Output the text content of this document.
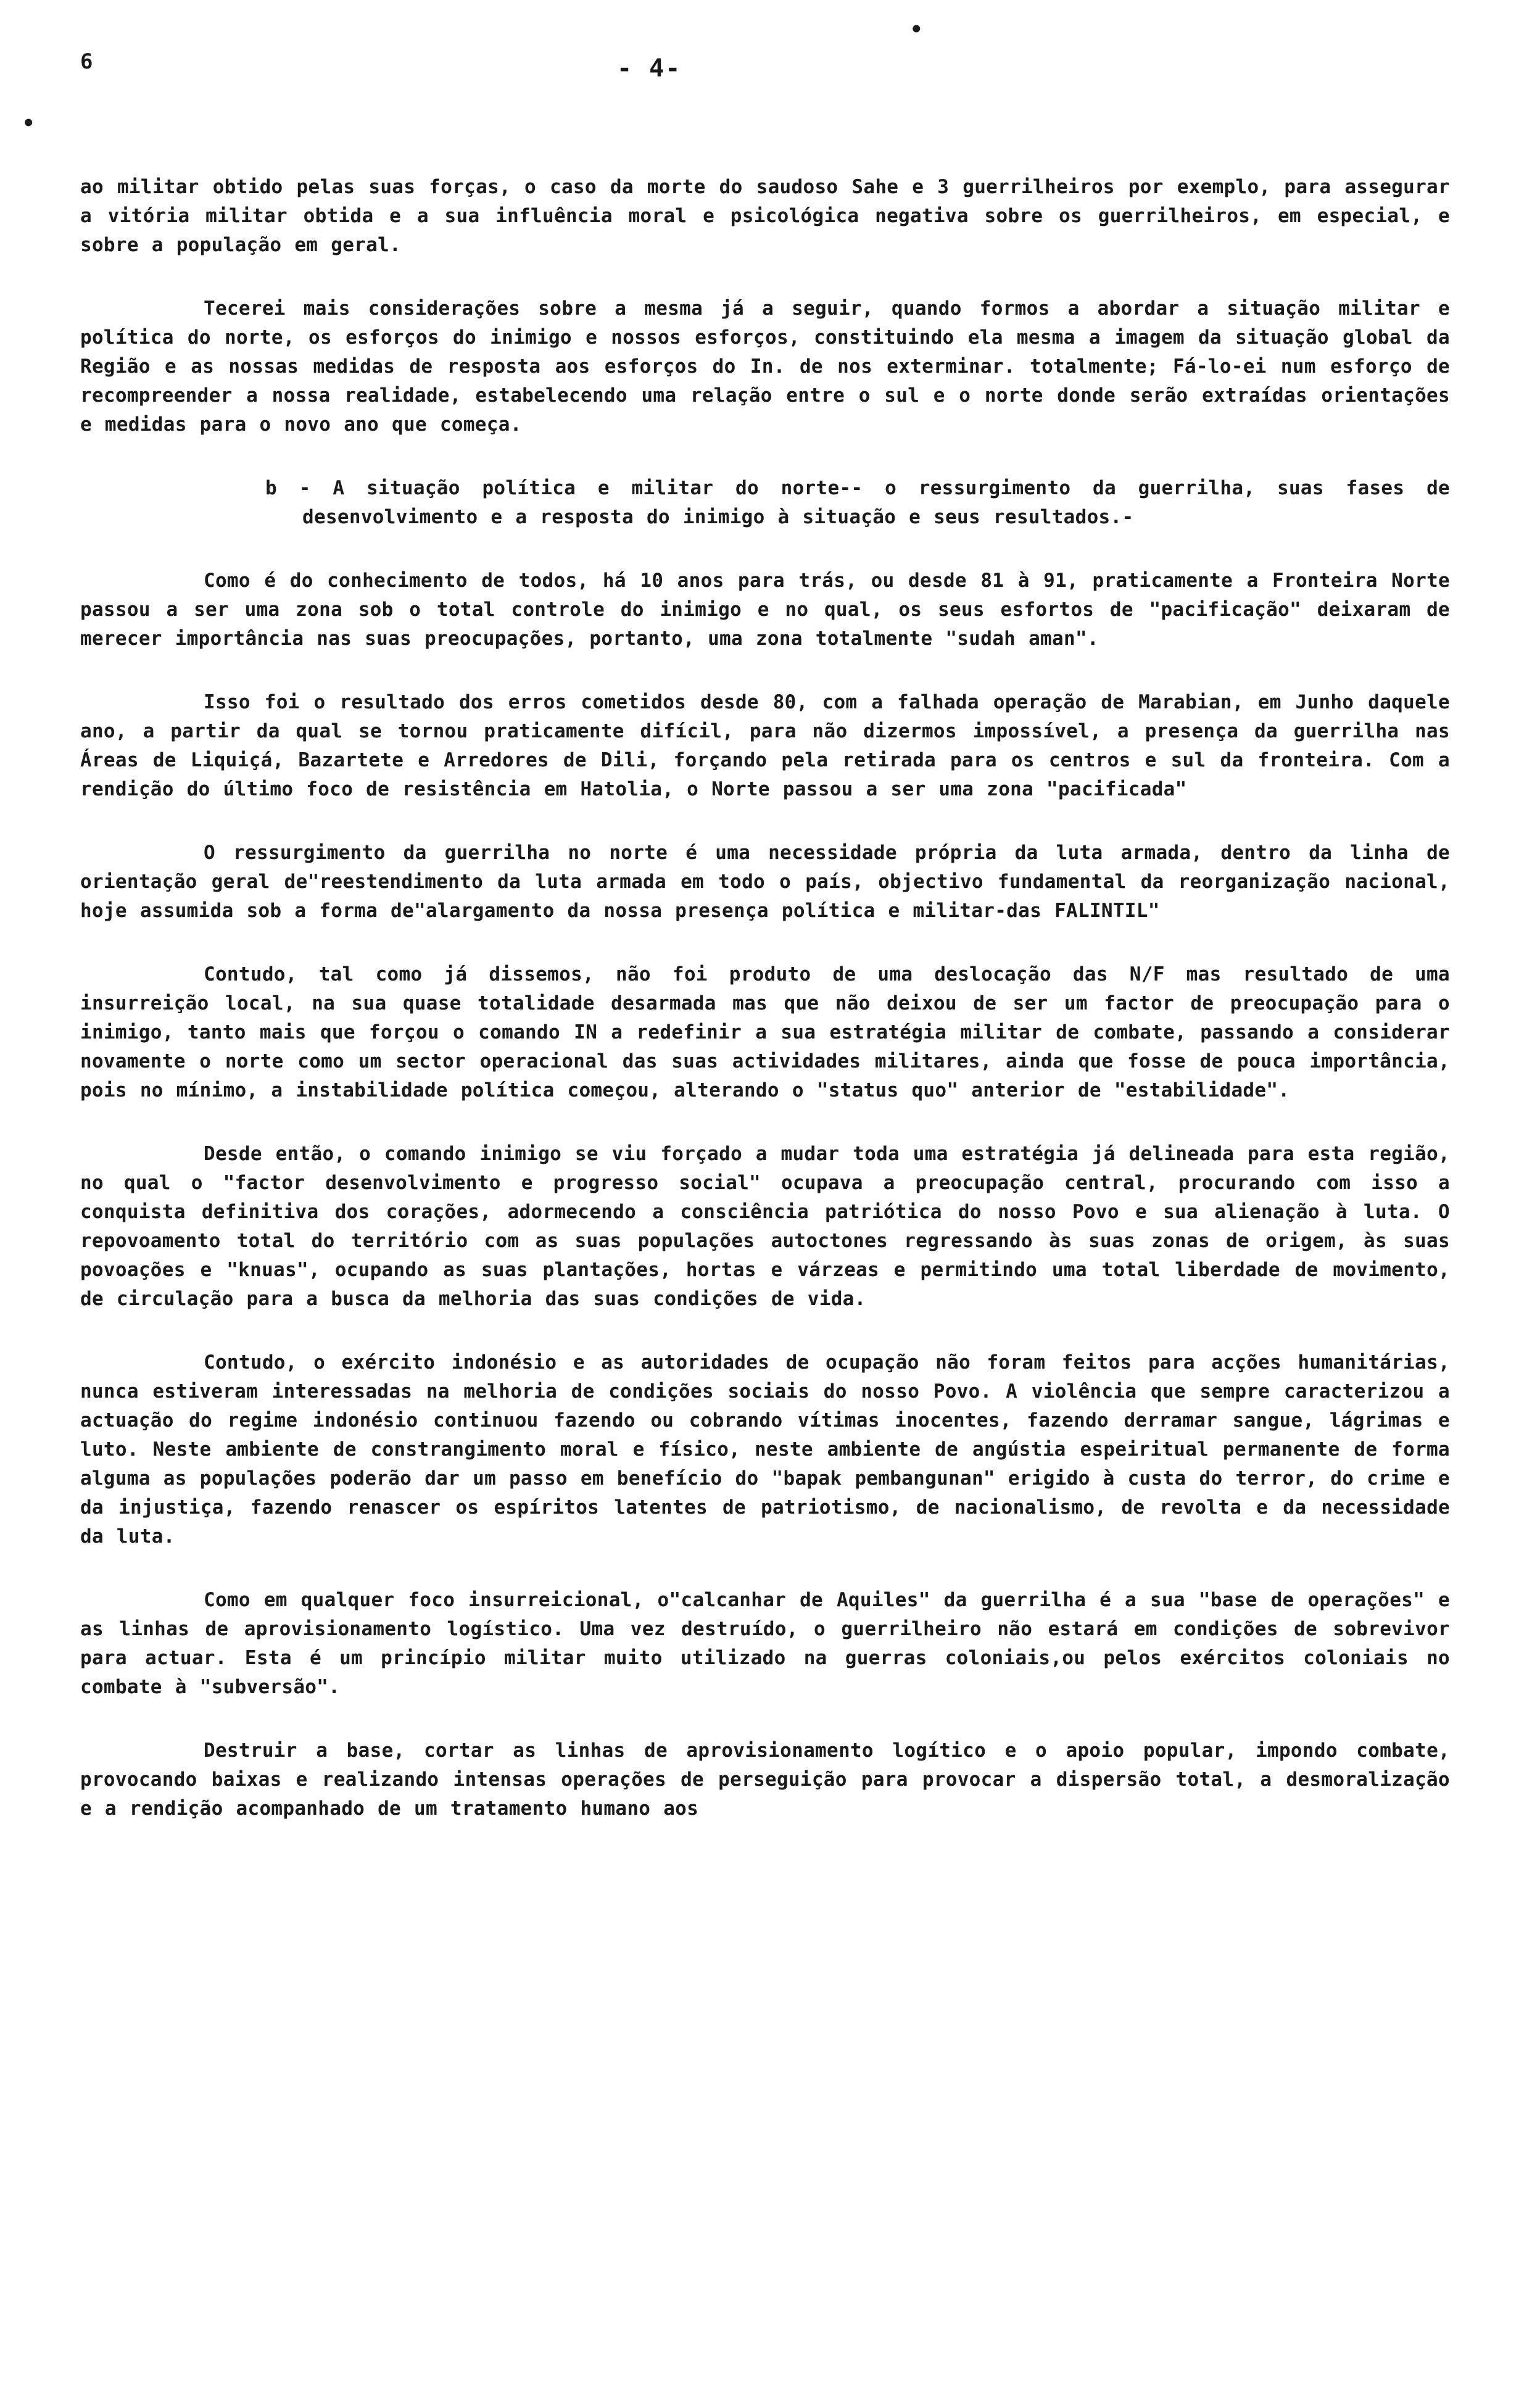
6
•
•
- 4-

ao militar obtido pelas suas forças, o caso da morte do saudoso Sahe e 3 guerrilheiros por exemplo, para assegurar a vitória militar obtida e a sua influência moral e psicológica negativa sobre os guerrilheiros, em especial, e sobre a população em geral.

Tecerei mais considerações sobre a mesma já a seguir, quando formos a abordar a situação militar e política do norte, os esforços do inimigo e nossos esforços, constituindo ela mesma a imagem da situação global da Região e as nossas medidas de resposta aos esforços do In. de nos exterminar. totalmente; Fá-lo-ei num esforço de recompreender a nossa realidade, estabelecendo uma relação entre o sul e o norte donde serão extraídas orientações e medidas para o novo ano que começa.

b - A situação política e militar do norte-- o ressurgimento da guerrilha, suas fases de desenvolvimento e a resposta do inimigo à situação e seus resultados.-

Como é do conhecimento de todos, há 10 anos para trás, ou desde 81 à 91, praticamente a Fronteira Norte passou a ser uma zona sob o total controle do inimigo e no qual, os seus esfortos de "pacificação" deixaram de merecer importância nas suas preocupações, portanto, uma zona totalmente "sudah aman".

Isso foi o resultado dos erros cometidos desde 80, com a falhada operação de Marabian, em Junho daquele ano, a partir da qual se tornou praticamente difícil, para não dizermos impossível, a presença da guerrilha nas Áreas de Liquiçá, Bazartete e Arredores de Dili, forçando pela retirada para os centros e sul da fronteira. Com a rendição do último foco de resistência em Hatolia, o Norte passou a ser uma zona "pacificada"

O ressurgimento da guerrilha no norte é uma necessidade própria da luta armada, dentro da linha de orientação geral de"reestendimento da luta armada em todo o país, objectivo fundamental da reorganização nacional, hoje assumida sob a forma de"alargamento da nossa presença política e militar-das FALINTIL"

Contudo, tal como já dissemos, não foi produto de uma deslocação das N/F mas resultado de uma insurreição local, na sua quase totalidade desarmada mas que não deixou de ser um factor de preocupação para o inimigo, tanto mais que forçou o comando IN a redefinir a sua estratégia militar de combate, passando a considerar novamente o norte como um sector operacional das suas actividades militares, ainda que fosse de pouca importância, pois no mínimo, a instabilidade política começou, alterando o "status quo" anterior de "estabilidade".

Desde então, o comando inimigo se viu forçado a mudar toda uma estratégia já delineada para esta região, no qual o "factor desenvolvimento e progresso social" ocupava a preocupação central, procurando com isso a conquista definitiva dos corações, adormecendo a consciência patriótica do nosso Povo e sua alienação à luta. O repovoamento total do território com as suas populações autoctones regressando às suas zonas de origem, às suas povoações e "knuas", ocupando as suas plantações, hortas e várzeas e permitindo uma total liberdade de movimento, de circulação para a busca da melhoria das suas condições de vida.

Contudo, o exército indonésio e as autoridades de ocupação não foram feitos para acções humanitárias, nunca estiveram interessadas na melhoria de condições sociais do nosso Povo. A violência que sempre caracterizou a actuação do regime indonésio continuou fazendo ou cobrando vítimas inocentes, fazendo derramar sangue, lágrimas e luto. Neste ambiente de constrangimento moral e físico, neste ambiente de angústia espeiritual permanente de forma alguma as populações poderão dar um passo em benefício do "bapak pembangunan" erigido à custa do terror, do crime e da injustiça, fazendo renascer os espíritos latentes de patriotismo, de nacionalismo, de revolta e da necessidade da luta.

Como em qualquer foco insurreicional, o"calcanhar de Aquiles" da guerrilha é a sua "base de operações" e as linhas de aprovisionamento logístico. Uma vez destruído, o guerrilheiro não estará em condições de sobrevivor para actuar. Esta é um princípio militar muito utilizado na guerras coloniais,ou pelos exércitos coloniais no combate à "subversão".

Destruir a base, cortar as linhas de aprovisionamento logítico e o apoio popular, impondo combate, provocando baixas e realizando intensas operações de perseguição para provocar a dispersão total, a desmoralização e a rendição acompanhado de um tratamento humano aos
